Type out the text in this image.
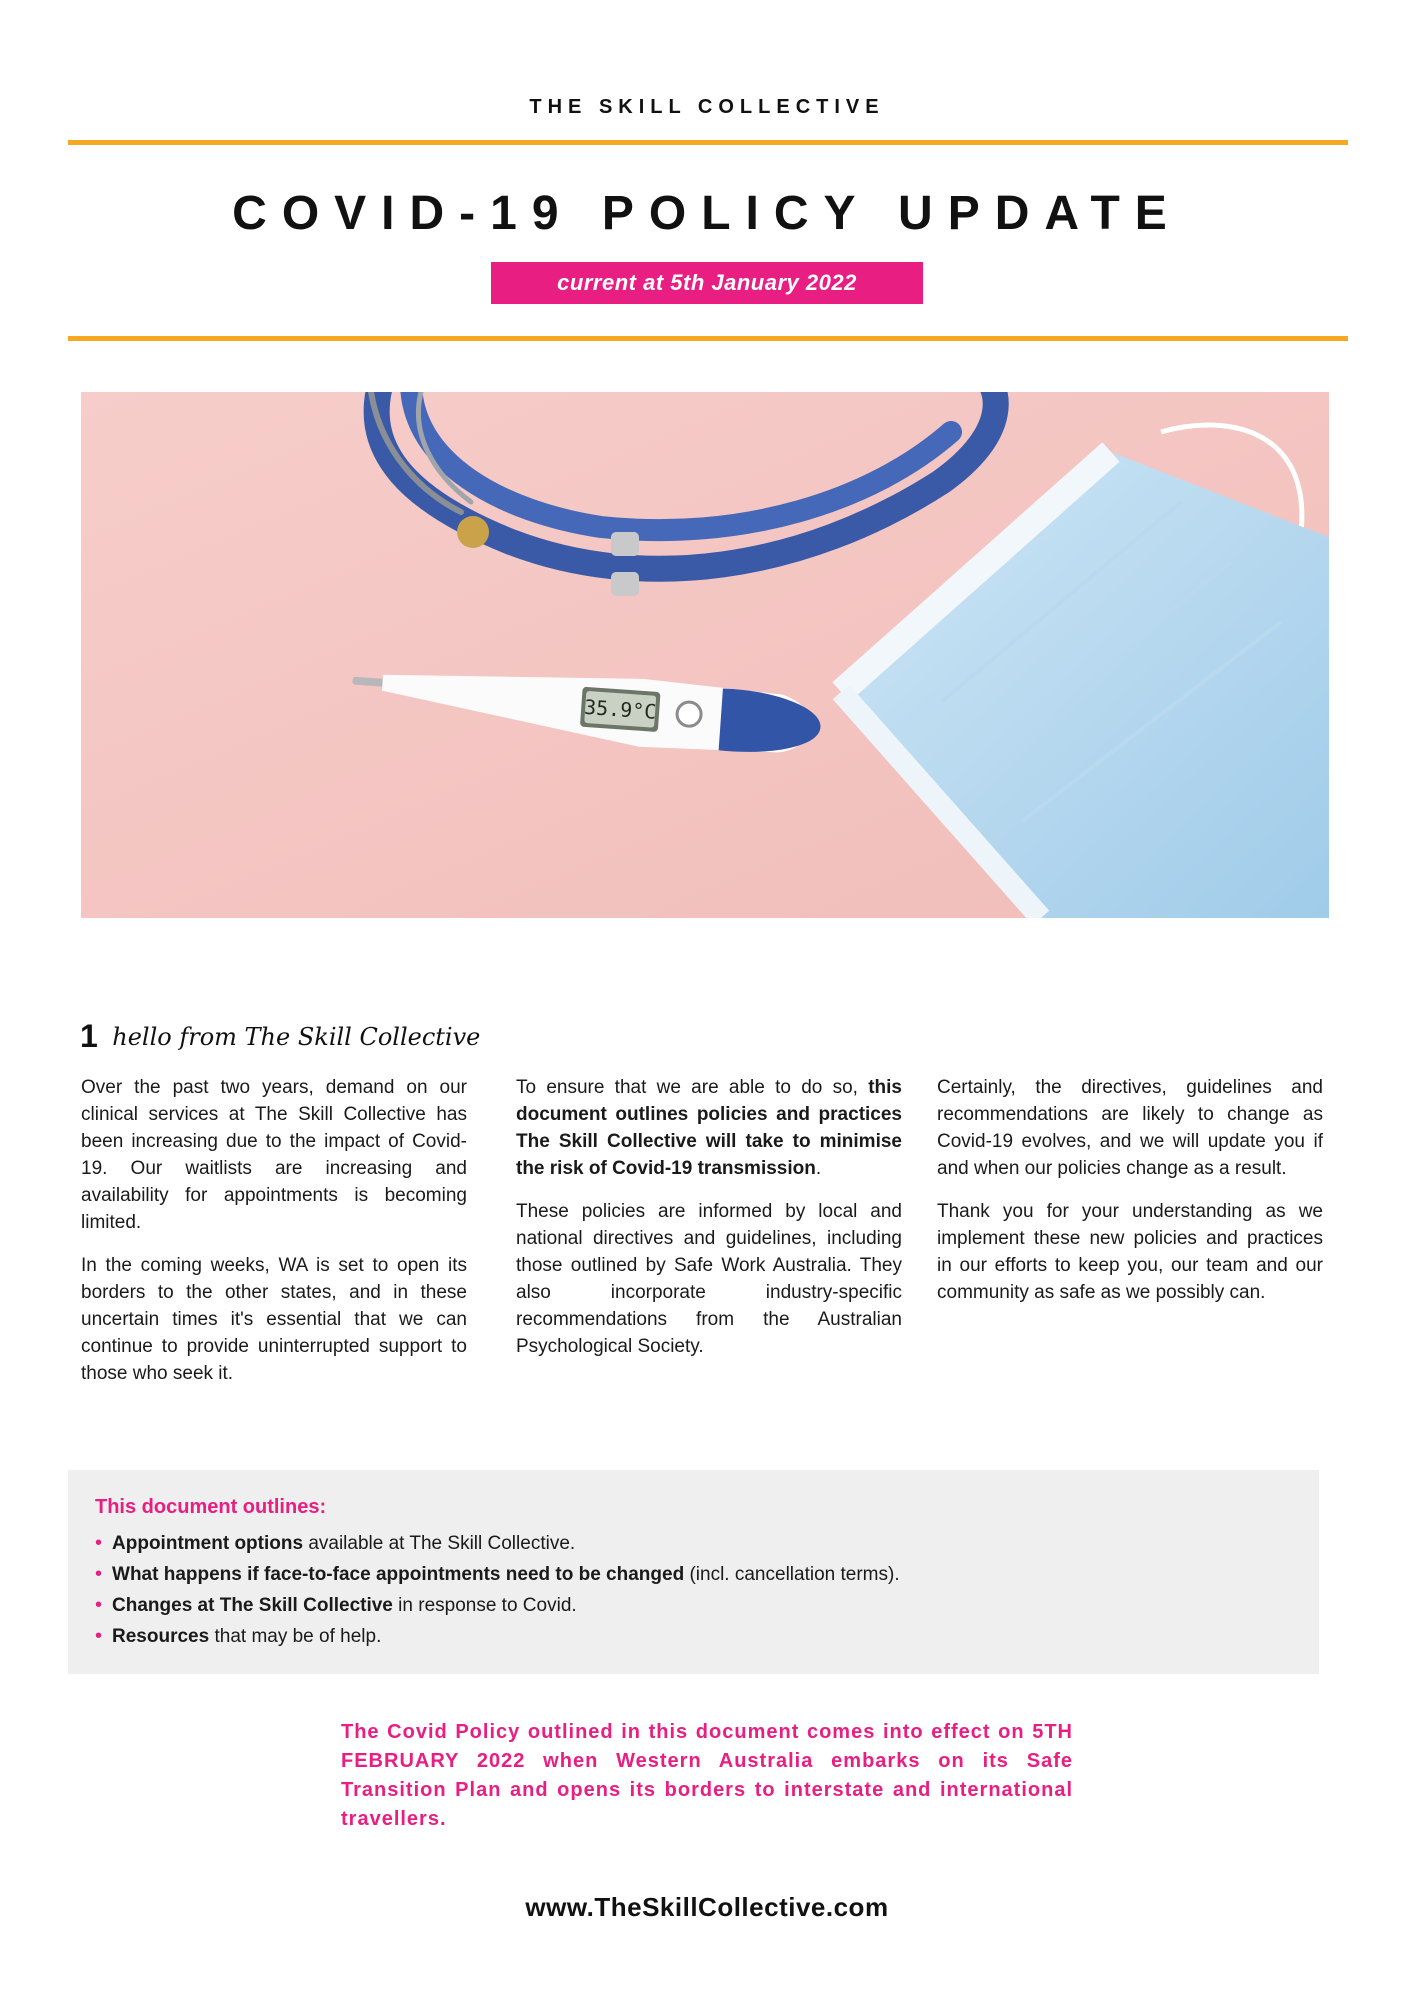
THE SKILL COLLECTIVE
COVID-19 POLICY UPDATE
current at 5th January 2022
35.9°C
1 hello from The Skill Collective

Over the past two years, demand on our clinical services at The Skill Collective has been increasing due to the impact of Covid-19. Our waitlists are increasing and availability for appointments is becoming limited.

In the coming weeks, WA is set to open its borders to the other states, and in these uncertain times it's essential that we can continue to provide uninterrupted support to those who seek it.

To ensure that we are able to do so, this document outlines policies and practices The Skill Collective will take to minimise the risk of Covid-19 transmission.

These policies are informed by local and national directives and guidelines, including those outlined by Safe Work Australia. They also incorporate industry-specific recommendations from the Australian Psychological Society.

Certainly, the directives, guidelines and recommendations are likely to change as Covid-19 evolves, and we will update you if and when our policies change as a result.

Thank you for your understanding as we implement these new policies and practices in our efforts to keep you, our team and our community as safe as we possibly can.

This document outlines:
• Appointment options available at The Skill Collective.
• What happens if face-to-face appointments need to be changed (incl. cancellation terms).
• Changes at The Skill Collective in response to Covid.
• Resources that may be of help.
The Covid Policy outlined in this document comes into effect on 5TH FEBRUARY 2022 when Western Australia embarks on its Safe Transition Plan and opens its borders to interstate and international travellers.
www.TheSkillCollective.com
